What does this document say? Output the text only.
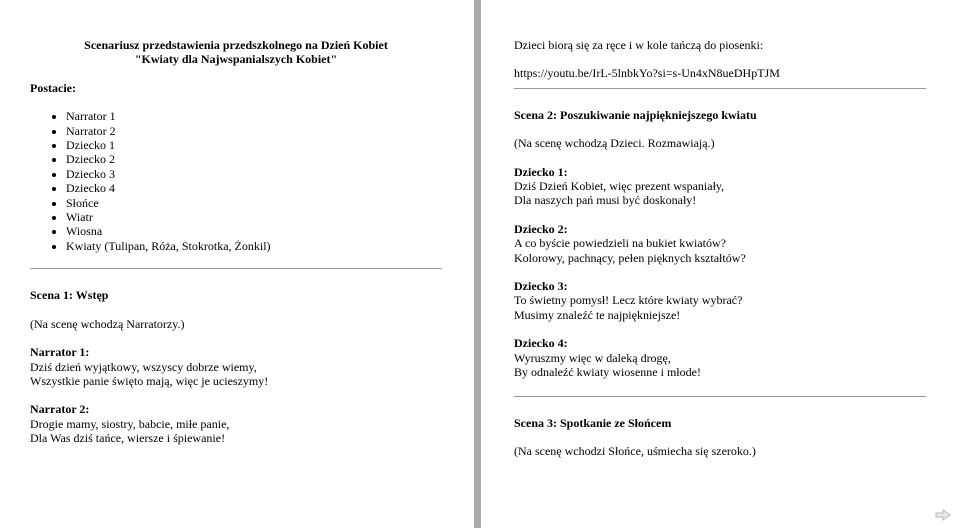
Scenariusz przedstawienia przedszkolnego na Dzień Kobiet
"Kwiaty dla Najwspanialszych Kobiet"

Postacie:

• Narrator 1
• Narrator 2
• Dziecko 1
• Dziecko 2
• Dziecko 3
• Dziecko 4
• Słońce
• Wiatr
• Wiosna
• Kwiaty (Tulipan, Róża, Stokrotka, Żonkil)

Scena 1: Wstęp

(Na scenę wchodzą Narratorzy.)

Narrator 1:
Dziś dzień wyjątkowy, wszyscy dobrze wiemy,
Wszystkie panie święto mają, więc je ucieszymy!

Narrator 2:
Drogie mamy, siostry, babcie, miłe panie,
Dla Was dziś tańce, wiersze i śpiewanie!

Dzieci biorą się za ręce i w kole tańczą do piosenki:

https://youtu.be/IrL-5lnbkYo?si=s-Un4xN8ueDHpTJM

Scena 2: Poszukiwanie najpiękniejszego kwiatu

(Na scenę wchodzą Dzieci. Rozmawiają.)

Dziecko 1:
Dziś Dzień Kobiet, więc prezent wspaniały,
Dla naszych pań musi być doskonały!

Dziecko 2:
A co byście powiedzieli na bukiet kwiatów?
Kolorowy, pachnący, pełen pięknych kształtów?

Dziecko 3:
To świetny pomysł! Lecz które kwiaty wybrać?
Musimy znaleźć te najpiękniejsze!

Dziecko 4:
Wyruszmy więc w daleką drogę,
By odnaleźć kwiaty wiosenne i młode!

Scena 3: Spotkanie ze Słońcem

(Na scenę wchodzi Słońce, uśmiecha się szeroko.)
